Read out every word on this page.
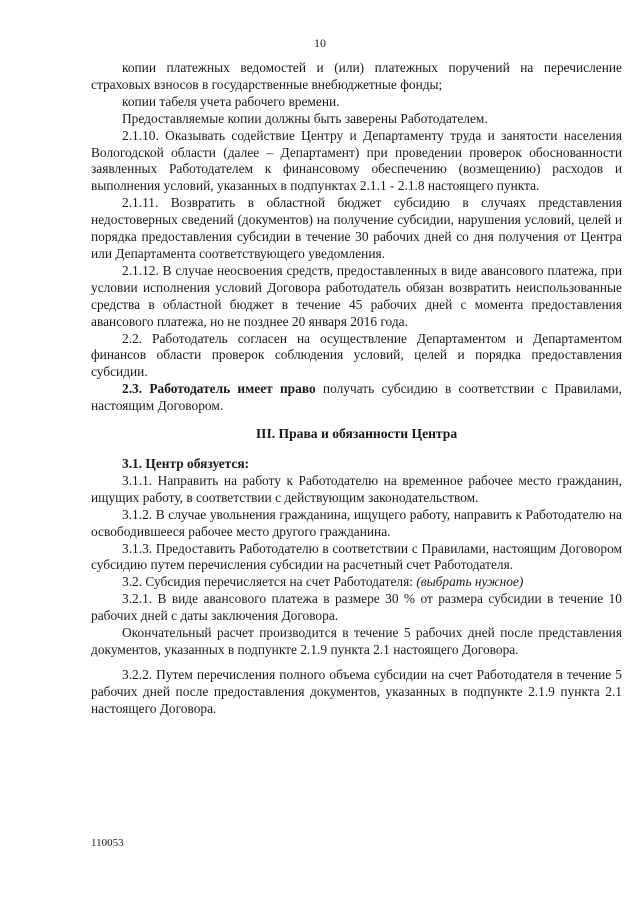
10

копии платежных ведомостей и (или) платежных поручений на перечисление страховых взносов в государственные внебюджетные фонды;

копии табеля учета рабочего времени.

Предоставляемые копии должны быть заверены Работодателем.

2.1.10. Оказывать содействие Центру и Департаменту труда и занятости населения Вологодской области (далее – Департамент) при проведении проверок обоснованности заявленных Работодателем к финансовому обеспечению (возмещению) расходов и выполнения условий, указанных в подпунктах 2.1.1 - 2.1.8 настоящего пункта.

2.1.11. Возвратить в областной бюджет субсидию в случаях представления недостоверных сведений (документов) на получение субсидии, нарушения условий, целей и порядка предоставления субсидии в течение 30 рабочих дней со дня получения от Центра или Департамента соответствующего уведомления.

2.1.12. В случае неосвоения средств, предоставленных в виде авансового платежа, при условии исполнения условий Договора работодатель обязан возвратить неиспользованные средства в областной бюджет в течение 45 рабочих дней с момента предоставления авансового платежа, но не позднее 20 января 2016 года.

2.2. Работодатель согласен на осуществление Департаментом и Департаментом финансов области проверок соблюдения условий, целей и порядка предоставления субсидии.

2.3. Работодатель имеет право получать субсидию в соответствии с Правилами, настоящим Договором.

III. Права и обязанности Центра

3.1. Центр обязуется:

3.1.1. Направить на работу к Работодателю на временное рабочее место гражданин, ищущих работу, в соответствии с действующим законодательством.

3.1.2. В случае увольнения гражданина, ищущего работу, направить к Работодателю на освободившееся рабочее место другого гражданина.

3.1.3. Предоставить Работодателю в соответствии с Правилами, настоящим Договором субсидию путем перечисления субсидии на расчетный счет Работодателя.

3.2. Субсидия перечисляется на счет Работодателя: (выбрать нужное)

3.2.1. В виде авансового платежа в размере 30 % от размера субсидии в течение 10 рабочих дней с даты заключения Договора.

Окончательный расчет производится в течение 5 рабочих дней после представления документов, указанных в подпункте 2.1.9 пункта 2.1 настоящего Договора.

3.2.2. Путем перечисления полного объема субсидии на счет Работодателя в течение 5 рабочих дней после предоставления документов, указанных в подпункте 2.1.9 пункта 2.1 настоящего Договора.

110053
